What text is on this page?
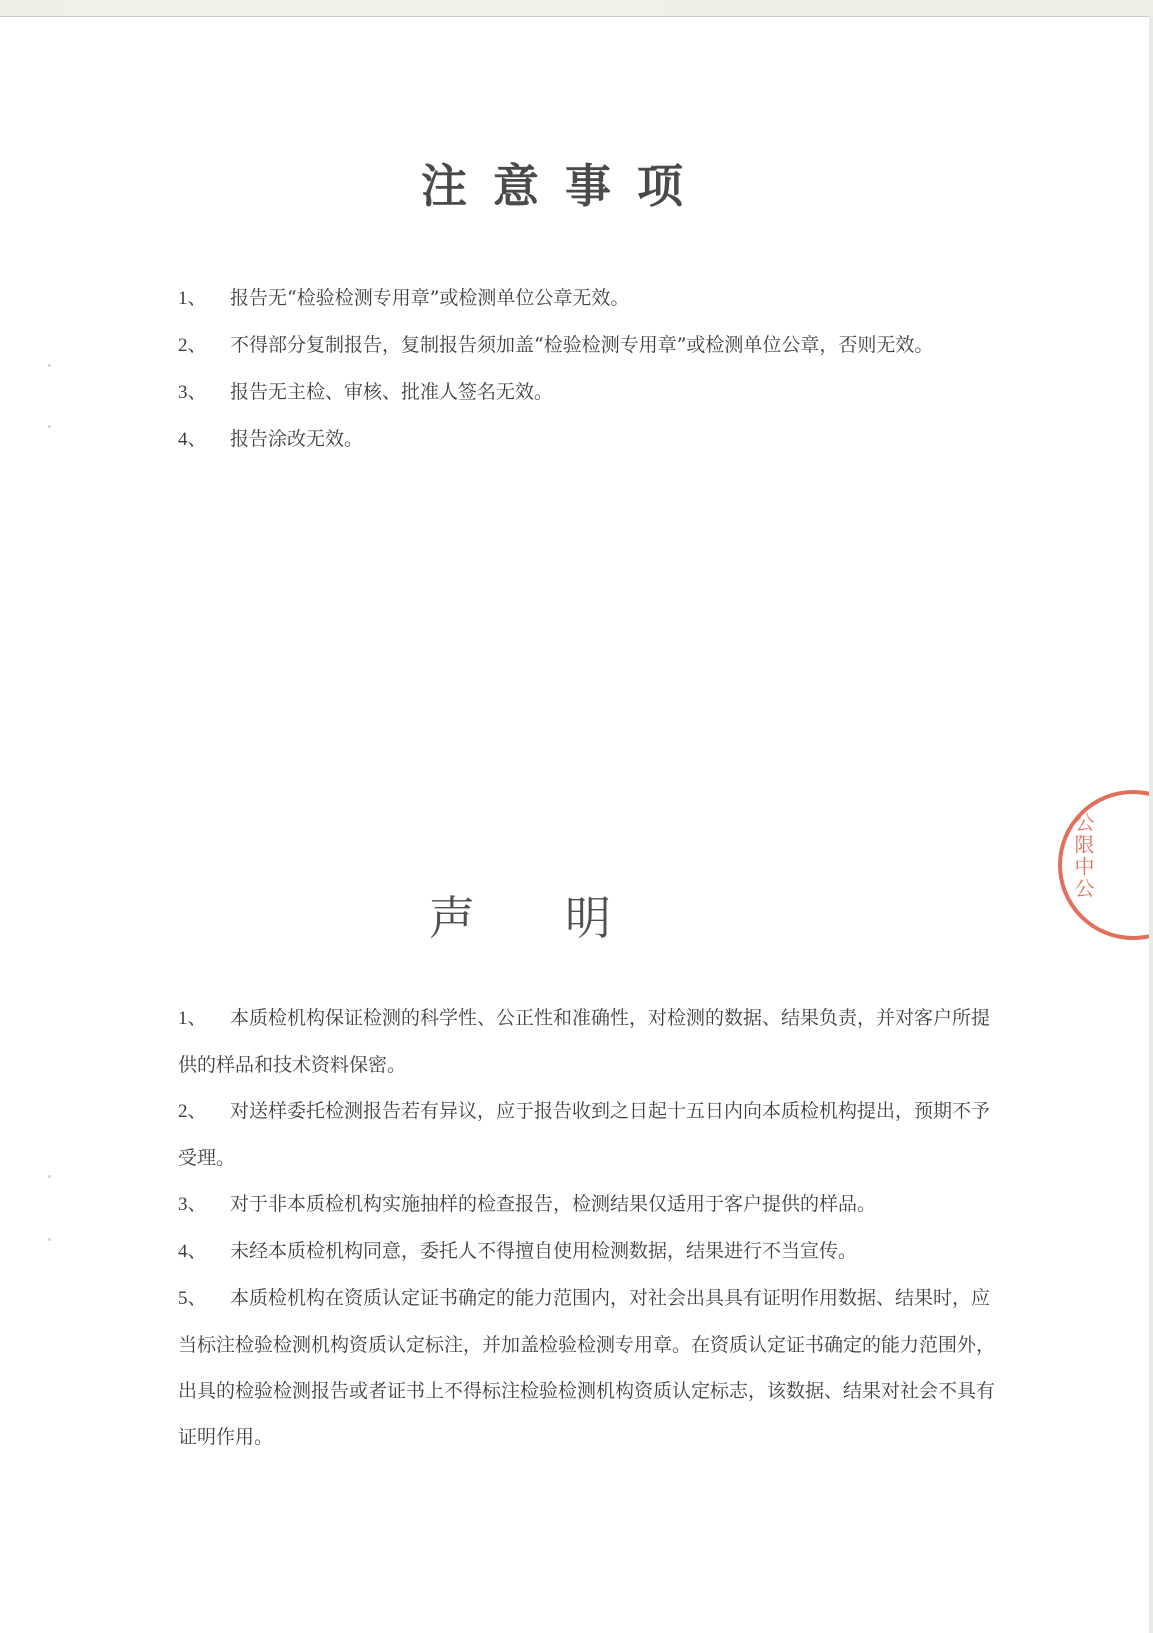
注意事项

1、 报告无“检验检测专用章”或检测单位公章无效。

2、 不得部分复制报告，复制报告须加盖“检验检测专用章”或检测单位公章，否则无效。

3、 报告无主检、审核、批准人签名无效。

4、 报告涂改无效。

声明

1、 本质检机构保证检测的科学性、公正性和准确性，对检测的数据、结果负责，并对客户所提供的样品和技术资料保密。

2、 对送样委托检测报告若有异议，应于报告收到之日起十五日内向本质检机构提出，预期不予受理。

3、 对于非本质检机构实施抽样的检查报告，检测结果仅适用于客户提供的样品。

4、 未经本质检机构同意，委托人不得擅自使用检测数据，结果进行不当宣传。

5、 本质检机构在资质认定证书确定的能力范围内，对社会出具具有证明作用数据、结果时，应当标注检验检测机构资质认定标注，并加盖检验检测专用章。在资质认定证书确定的能力范围外，出具的检验检测报告或者证书上不得标注检验检测机构资质认定标志，该数据、结果对社会不具有证明作用。

公限中公
